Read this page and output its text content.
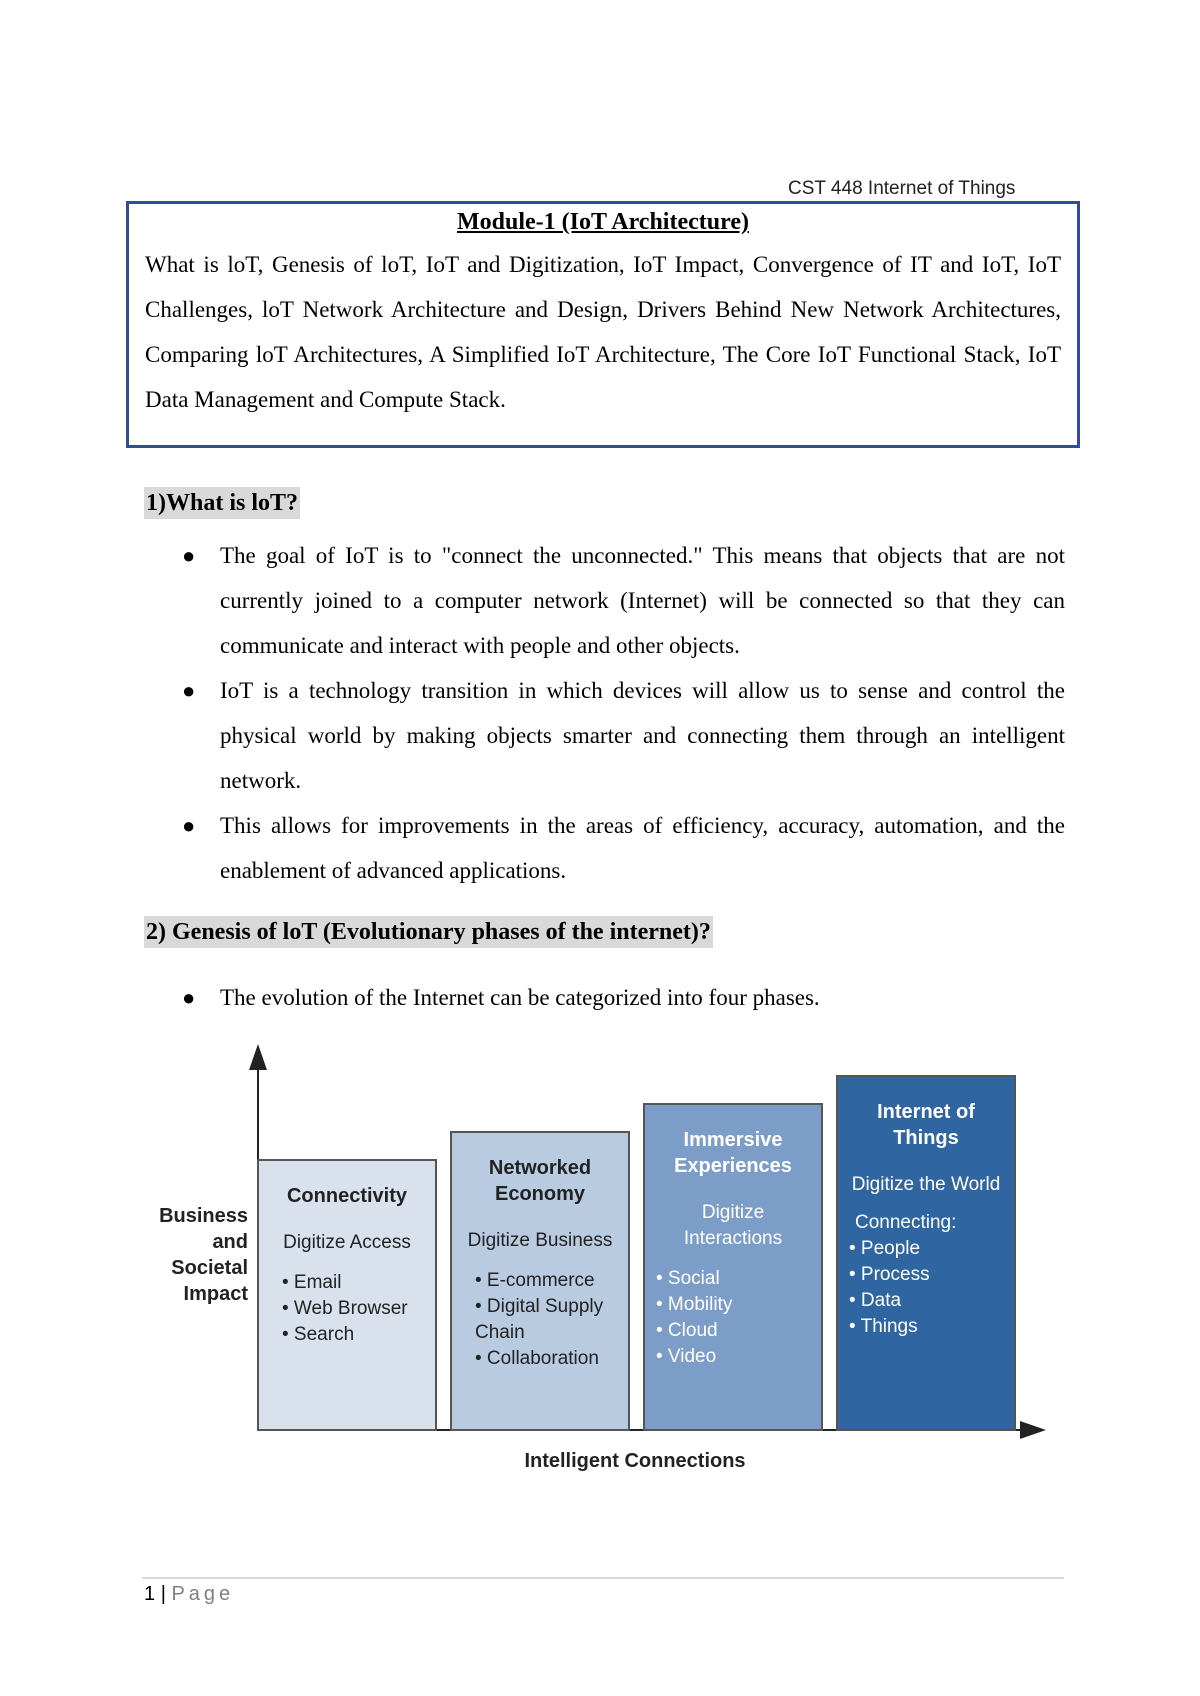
CST 448 Internet of Things
Module-1 (IoT Architecture)
What is loT, Genesis of loT, IoT and Digitization, IoT Impact, Convergence of IT and IoT, IoT Challenges, loT Network Architecture and Design, Drivers Behind New Network Architectures, Comparing loT Architectures, A Simplified IoT Architecture, The Core IoT Functional Stack, IoT Data Management and Compute Stack.
1)What is loT?
● The goal of IoT is to "connect the unconnected." This means that objects that are not currently joined to a computer network (Internet) will be connected so that they can communicate and interact with people and other objects.
● IoT is a technology transition in which devices will allow us to sense and control the physical world by making objects smarter and connecting them through an intelligent network.
● This allows for improvements in the areas of efficiency, accuracy, automation, and the enablement of advanced applications.
2) Genesis of loT (Evolutionary phases of the internet)?
● The evolution of the Internet can be categorized into four phases.
Business
and
Societal
Impact
Intelligent Connections
Connectivity
Digitize Access
• Email
• Web Browser
• Search
Networked
Economy
Digitize Business
• E-commerce
• Digital Supply
Chain
• Collaboration
Immersive
Experiences
Digitize
Interactions
• Social
• Mobility
• Cloud
• Video
Internet of
Things
Digitize the World
Connecting:
• People
• Process
• Data
• Things
1 | Page
